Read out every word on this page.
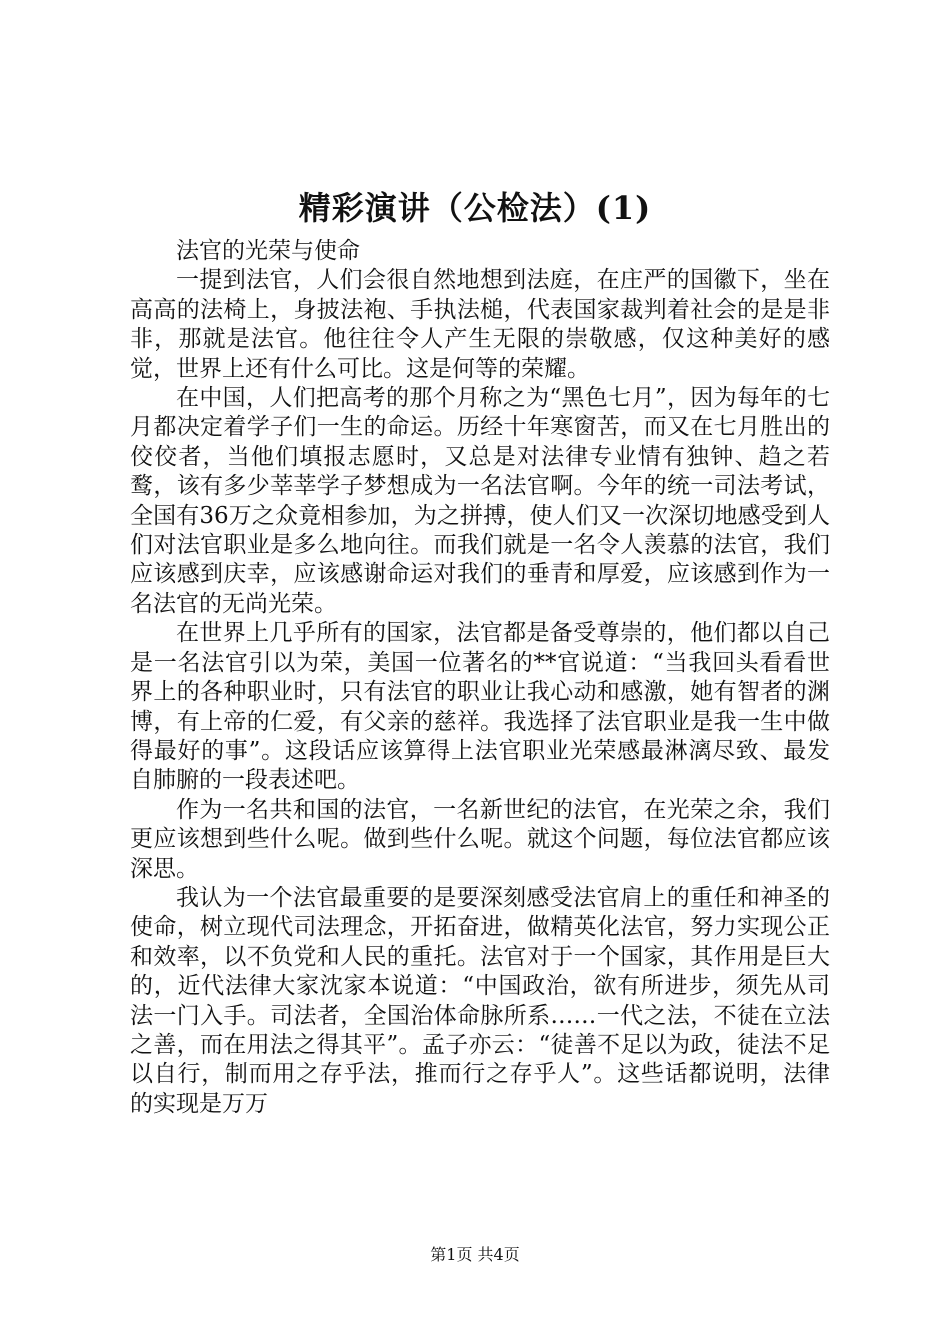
精彩演讲（公检法）(1)

法官的光荣与使命

一提到法官，人们会很自然地想到法庭，在庄严的国徽下，坐在高高的法椅上，身披法袍、手执法槌，代表国家裁判着社会的是是非非，那就是法官。他往往令人产生无限的崇敬感，仅这种美好的感觉，世界上还有什么可比。这是何等的荣耀。

在中国，人们把高考的那个月称之为“黑色七月”，因为每年的七月都决定着学子们一生的命运。历经十年寒窗苦，而又在七月胜出的佼佼者，当他们填报志愿时，又总是对法律专业情有独钟、趋之若鹜，该有多少莘莘学子梦想成为一名法官啊。今年的统一司法考试，全国有36万之众竟相参加，为之拼搏，使人们又一次深切地感受到人们对法官职业是多么地向往。而我们就是一名令人羡慕的法官，我们应该感到庆幸，应该感谢命运对我们的垂青和厚爱，应该感到作为一名法官的无尚光荣。

在世界上几乎所有的国家，法官都是备受尊崇的，他们都以自己是一名法官引以为荣，美国一位著名的**官说道：“当我回头看看世界上的各种职业时，只有法官的职业让我心动和感激，她有智者的渊博，有上帝的仁爱，有父亲的慈祥。我选择了法官职业是我一生中做得最好的事”。这段话应该算得上法官职业光荣感最淋漓尽致、最发自肺腑的一段表述吧。

作为一名共和国的法官，一名新世纪的法官，在光荣之余，我们更应该想到些什么呢。做到些什么呢。就这个问题，每位法官都应该深思。

我认为一个法官最重要的是要深刻感受法官肩上的重任和神圣的使命，树立现代司法理念，开拓奋进，做精英化法官，努力实现公正和效率，以不负党和人民的重托。法官对于一个国家，其作用是巨大的，近代法律大家沈家本说道：“中国政治，欲有所进步，须先从司法一门入手。司法者，全国治体命脉所系……一代之法，不徒在立法之善，而在用法之得其平”。孟子亦云：“徒善不足以为政，徒法不足以自行，制而用之存乎法，推而行之存乎人”。这些话都说明，法律的实现是万万

第1页 共4页
